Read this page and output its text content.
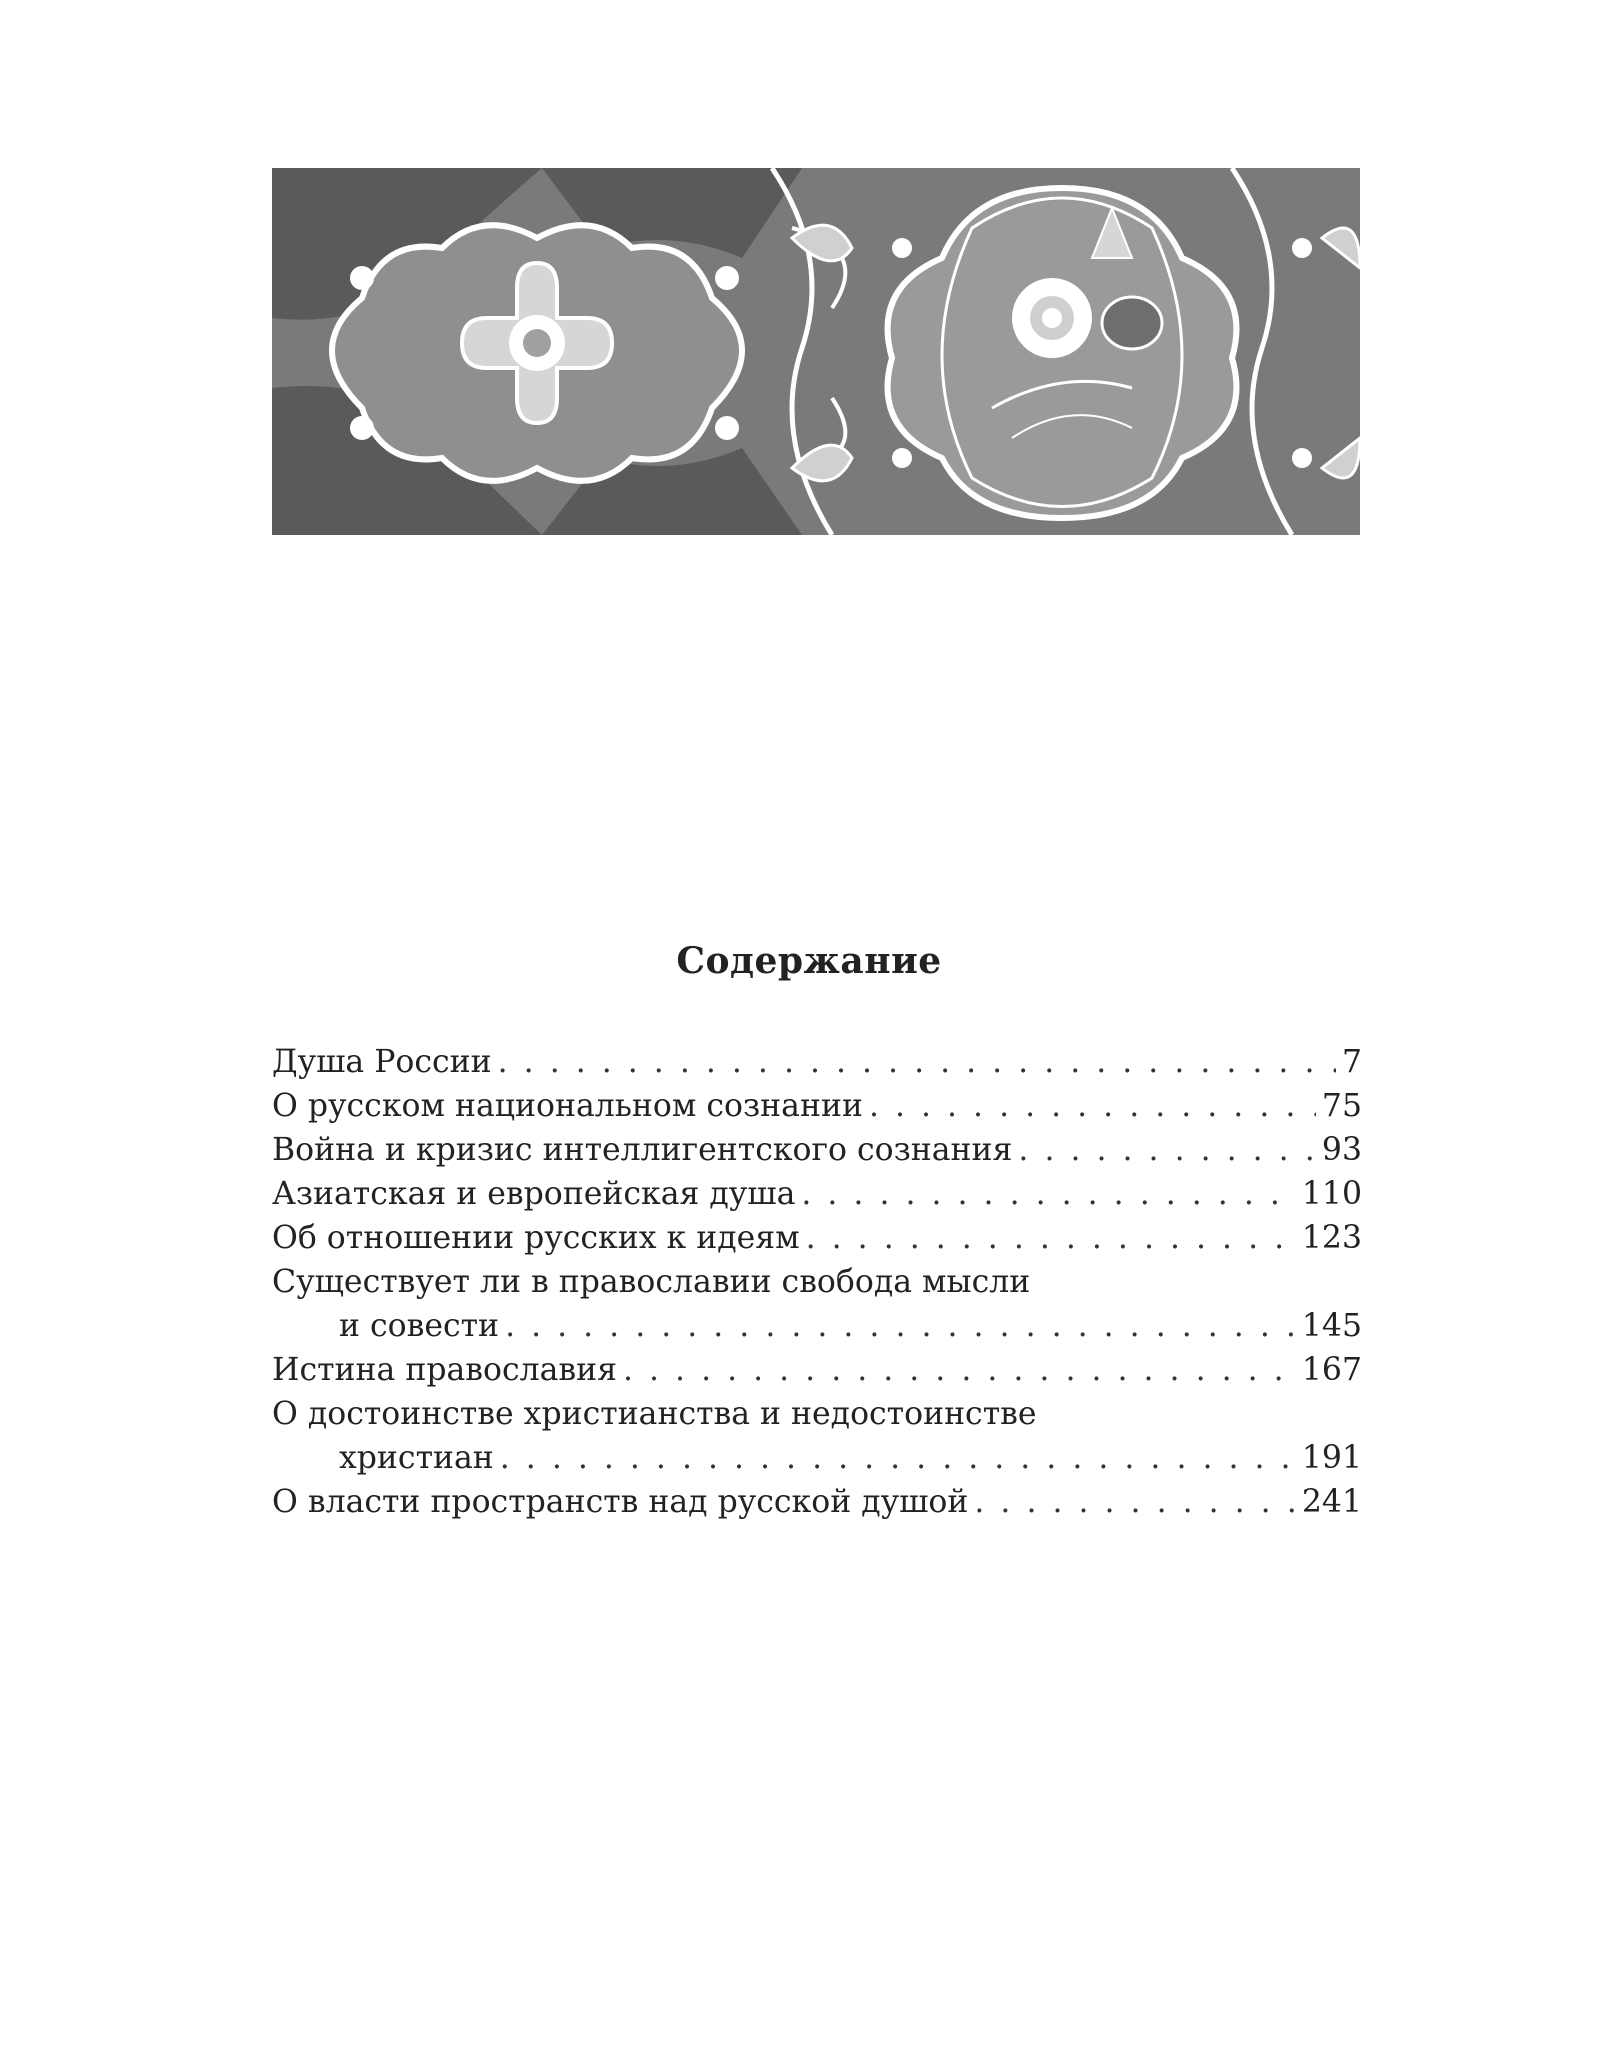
Содержание
Душа России . . .	7
О русском национальном сознании . . .	75
Война и кризис интеллигентского сознания . . .	93
Азиатская и европейская душа . . .	110
Об отношении русских к идеям . . .	123
Существует ли в православии свобода мысли
и совести . . .	145
Истина православия . . .	167
О достоинстве христианства и недостоинстве
христиан . . .	191
О власти пространств над русской душой . . .	241
